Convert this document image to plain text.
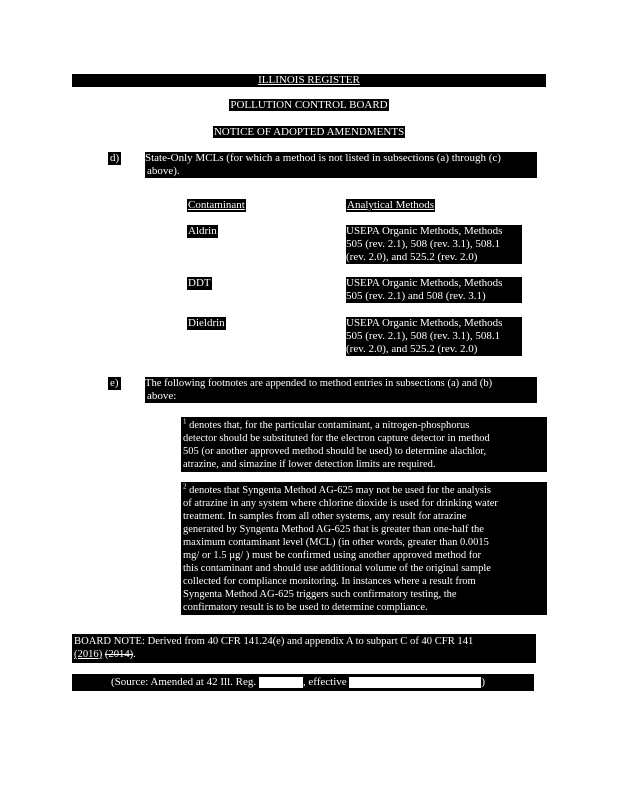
ILLINOIS REGISTER
POLLUTION CONTROL BOARD
NOTICE OF ADOPTED AMENDMENTS
d) State-Only MCLs (for which a method is not listed in subsections (a) through (c)
above).
Contaminant	Analytical Methods
Aldrin	USEPA Organic Methods, Methods
505 (rev. 2.1), 508 (rev. 3.1), 508.1
(rev. 2.0), and 525.2 (rev. 2.0)
DDT	USEPA Organic Methods, Methods
505 (rev. 2.1) and 508 (rev. 3.1)
Dieldrin	USEPA Organic Methods, Methods
505 (rev. 2.1), 508 (rev. 3.1), 508.1
(rev. 2.0), and 525.2 (rev. 2.0)
e) The following footnotes are appended to method entries in subsections (a) and (b)
above:
$^1$ denotes that, for the particular contaminant, a nitrogen-phosphorus
detector should be substituted for the electron capture detector in method
505 (or another approved method should be used) to determine alachlor,
atrazine, and simazine if lower detection limits are required.
$^2$ denotes that Syngenta Method AG-625 may not be used for the analysis
of atrazine in any system where chlorine dioxide is used for drinking water
treatment. In samples from all other systems, any result for atrazine
generated by Syngenta Method AG-625 that is greater than one-half the
maximum contaminant level (MCL) (in other words, greater than 0.0015
mg/ or 1.5 µg/ ) must be confirmed using another approved method for
this contaminant and should use additional volume of the original sample
collected for compliance monitoring. In instances where a result from
Syngenta Method AG-625 triggers such confirmatory testing, the
confirmatory result is to be used to determine compliance.
BOARD NOTE: Derived from 40 CFR 141.24(e) and appendix A to subpart C of 40 CFR 141
(2016) (2014).
(Source: Amended at 42 Ill. Reg.	, effective	)
